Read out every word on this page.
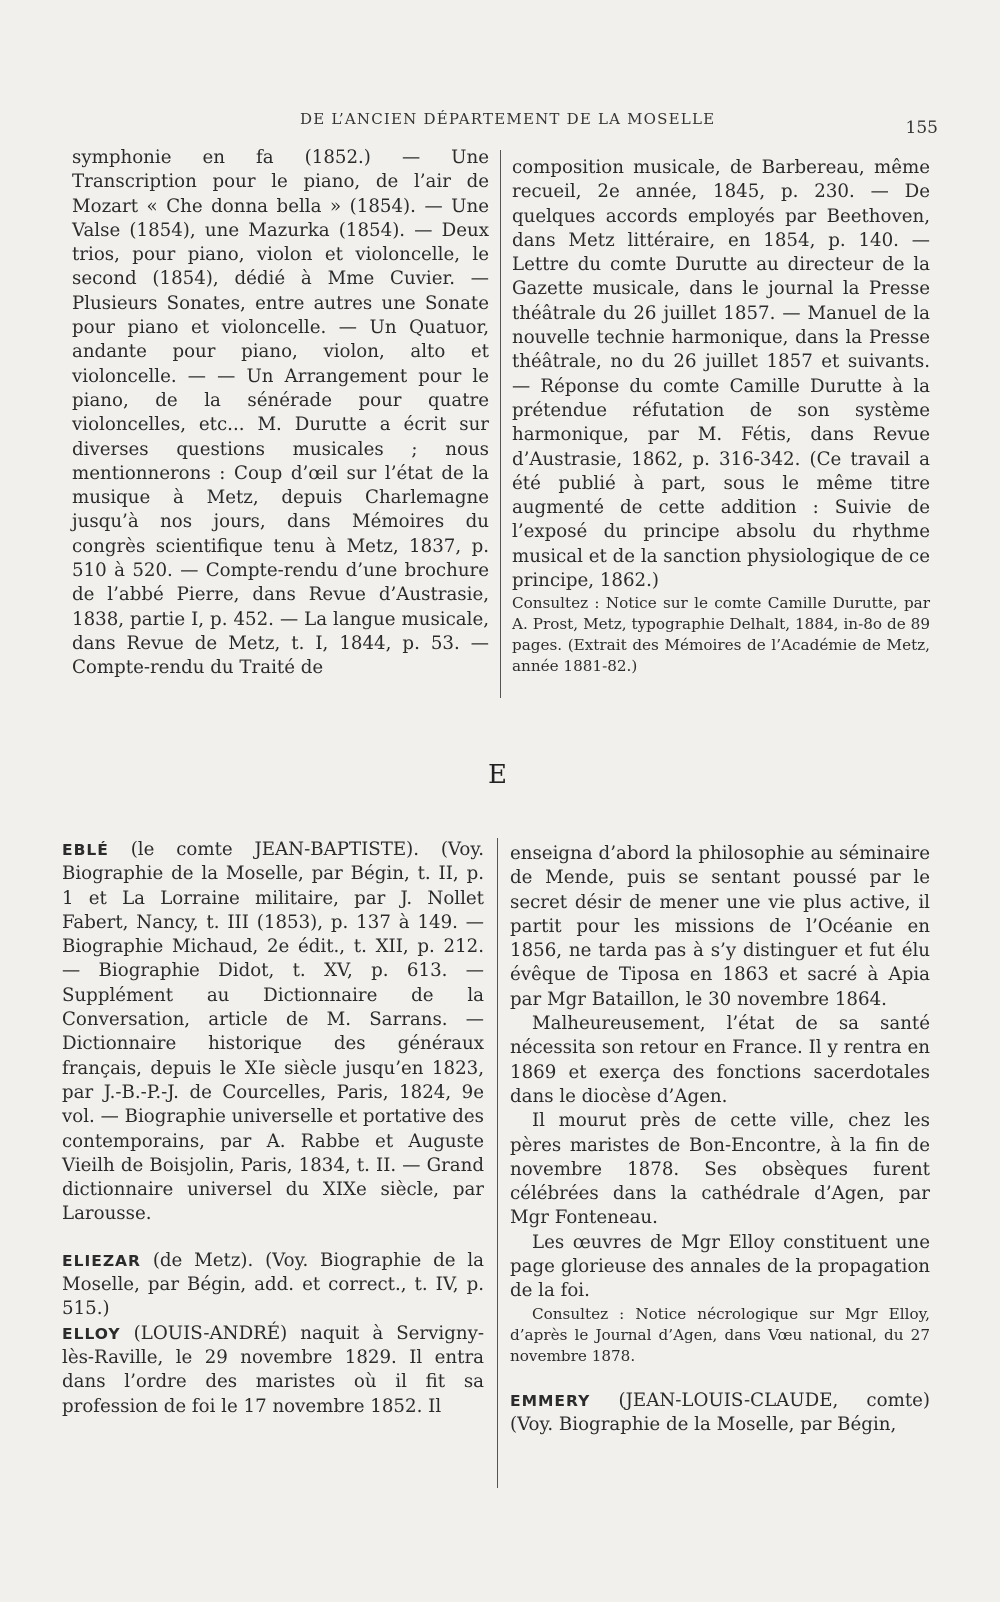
DE L’ANCIEN DÉPARTEMENT DE LA MOSELLE	155

symphonie en fa (1852.) — Une Transcription pour le piano, de l’air de Mozart « Che donna bella » (1854). — Une Valse (1854), une Mazurka (1854). — Deux trios, pour piano, violon et violoncelle, le second (1854), dédié à Mme Cuvier. — Plusieurs Sonates, entre autres une Sonate pour piano et violoncelle. — Un Quatuor, andante pour piano, violon, alto et violoncelle. — — Un Arrangement pour le piano, de la sénérade pour quatre violoncelles, etc... M. Durutte a écrit sur diverses questions musicales ; nous mentionnerons : Coup d’œil sur l’état de la musique à Metz, depuis Charlemagne jusqu’à nos jours, dans Mémoires du congrès scientifique tenu à Metz, 1837, p. 510 à 520. — Compte-rendu d’une brochure de l’abbé Pierre, dans Revue d’Austrasie, 1838, partie I, p. 452. — La langue musicale, dans Revue de Metz, t. I, 1844, p. 53. — Compte-rendu du Traité de

composition musicale, de Barbereau, même recueil, 2e année, 1845, p. 230. — De quelques accords employés par Beethoven, dans Metz littéraire, en 1854, p. 140. — Lettre du comte Durutte au directeur de la Gazette musicale, dans le journal la Presse théâtrale du 26 juillet 1857. — Manuel de la nouvelle technie harmonique, dans la Presse théâtrale, no du 26 juillet 1857 et suivants. — Réponse du comte Camille Durutte à la prétendue réfutation de son système harmonique, par M. Fétis, dans Revue d’Austrasie, 1862, p. 316-342. (Ce travail a été publié à part, sous le même titre augmenté de cette addition : Suivie de l’exposé du principe absolu du rhythme musical et de la sanction physiologique de ce principe, 1862.)

Consultez : Notice sur le comte Camille Durutte, par A. Prost, Metz, typographie Delhalt, 1884, in-8o de 89 pages. (Extrait des Mémoires de l’Académie de Metz, année 1881-82.)

E

EBLÉ (le comte JEAN-BAPTISTE). (Voy. Biographie de la Moselle, par Bégin, t. II, p. 1 et La Lorraine militaire, par J. Nollet Fabert, Nancy, t. III (1853), p. 137 à 149. — Biographie Michaud, 2e édit., t. XII, p. 212. — Biographie Didot, t. XV, p. 613. — Supplément au Dictionnaire de la Conversation, article de M. Sarrans. — Dictionnaire historique des généraux français, depuis le XIe siècle jusqu’en 1823, par J.-B.-P.-J. de Courcelles, Paris, 1824, 9e vol. — Biographie universelle et portative des contemporains, par A. Rabbe et Auguste Vieilh de Boisjolin, Paris, 1834, t. II. — Grand dictionnaire universel du XIXe siècle, par Larousse.

ELIEZAR (de Metz). (Voy. Biographie de la Moselle, par Bégin, add. et correct., t. IV, p. 515.)

ELLOY (LOUIS-ANDRÉ) naquit à Servigny-lès-Raville, le 29 novembre 1829. Il entra dans l’ordre des maristes où il fit sa profession de foi le 17 novembre 1852. Il

enseigna d’abord la philosophie au séminaire de Mende, puis se sentant poussé par le secret désir de mener une vie plus active, il partit pour les missions de l’Océanie en 1856, ne tarda pas à s’y distinguer et fut élu évêque de Tiposa en 1863 et sacré à Apia par Mgr Bataillon, le 30 novembre 1864.

Malheureusement, l’état de sa santé nécessita son retour en France. Il y rentra en 1869 et exerça des fonctions sacerdotales dans le diocèse d’Agen.

Il mourut près de cette ville, chez les pères maristes de Bon-Encontre, à la fin de novembre 1878. Ses obsèques furent célébrées dans la cathédrale d’Agen, par Mgr Fonteneau.

Les œuvres de Mgr Elloy constituent une page glorieuse des annales de la propagation de la foi.

Consultez : Notice nécrologique sur Mgr Elloy, d’après le Journal d’Agen, dans Vœu national, du 27 novembre 1878.

EMMERY (JEAN-LOUIS-CLAUDE, comte) (Voy. Biographie de la Moselle, par Bégin,
